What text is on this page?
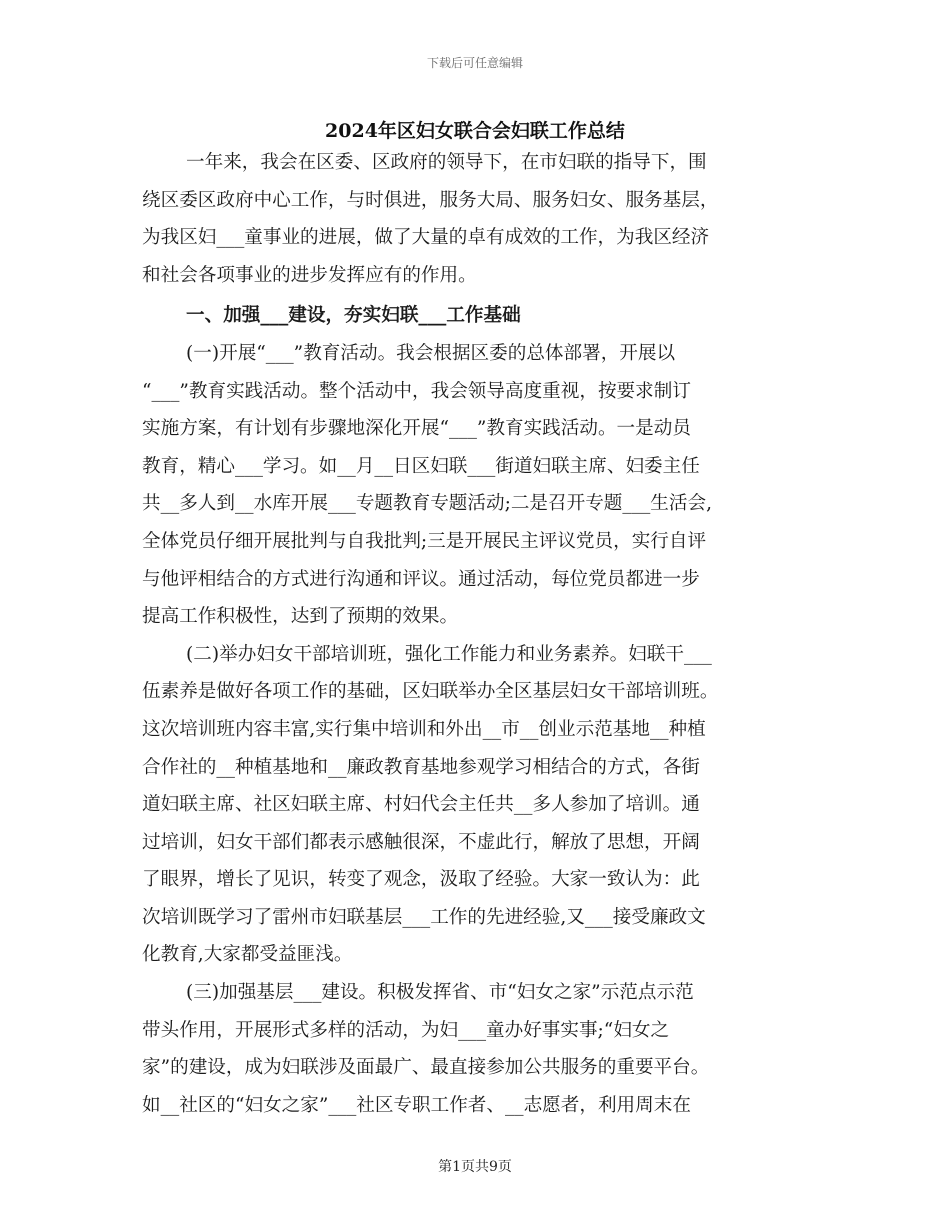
下载后可任意编辑
2024年区妇女联合会妇联工作总结

一年来，我会在区委、区政府的领导下，在市妇联的指导下，围
绕区委区政府中心工作，与时俱进，服务大局、服务妇女、服务基层，
为我区妇___童事业的进展，做了大量的卓有成效的工作，为我区经济
和社会各项事业的进步发挥应有的作用。

一、加强___建设，夯实妇联___工作基础

(一)开展“___”教育活动。我会根据区委的总体部署，开展以
“___”教育实践活动。整个活动中，我会领导高度重视，按要求制订
实施方案，有计划有步骤地深化开展“___”教育实践活动。一是动员
教育，精心___学习。如__月__日区妇联___街道妇联主席、妇委主任
共__多人到__水库开展___专题教育专题活动;二是召开专题___生活会,
全体党员仔细开展批判与自我批判;三是开展民主评议党员，实行自评
与他评相结合的方式进行沟通和评议。通过活动，每位党员都进一步
提高工作积极性，达到了预期的效果。

(二)举办妇女干部培训班，强化工作能力和业务素养。妇联干___
伍素养是做好各项工作的基础，区妇联举办全区基层妇女干部培训班。
这次培训班内容丰富,实行集中培训和外出__市__创业示范基地__种植
合作社的__种植基地和__廉政教育基地参观学习相结合的方式，各街
道妇联主席、社区妇联主席、村妇代会主任共__多人参加了培训。通
过培训，妇女干部们都表示感触很深，不虚此行，解放了思想，开阔
了眼界，增长了见识，转变了观念，汲取了经验。大家一致认为：此
次培训既学习了雷州市妇联基层___工作的先进经验,又___接受廉政文
化教育,大家都受益匪浅。

(三)加强基层___建设。积极发挥省、市“妇女之家”示范点示范
带头作用，开展形式多样的活动，为妇___童办好事实事;“妇女之
家”的建设，成为妇联涉及面最广、最直接参加公共服务的重要平台。
如__社区的“妇女之家”___社区专职工作者、__志愿者，利用周末在

第1页共9页
